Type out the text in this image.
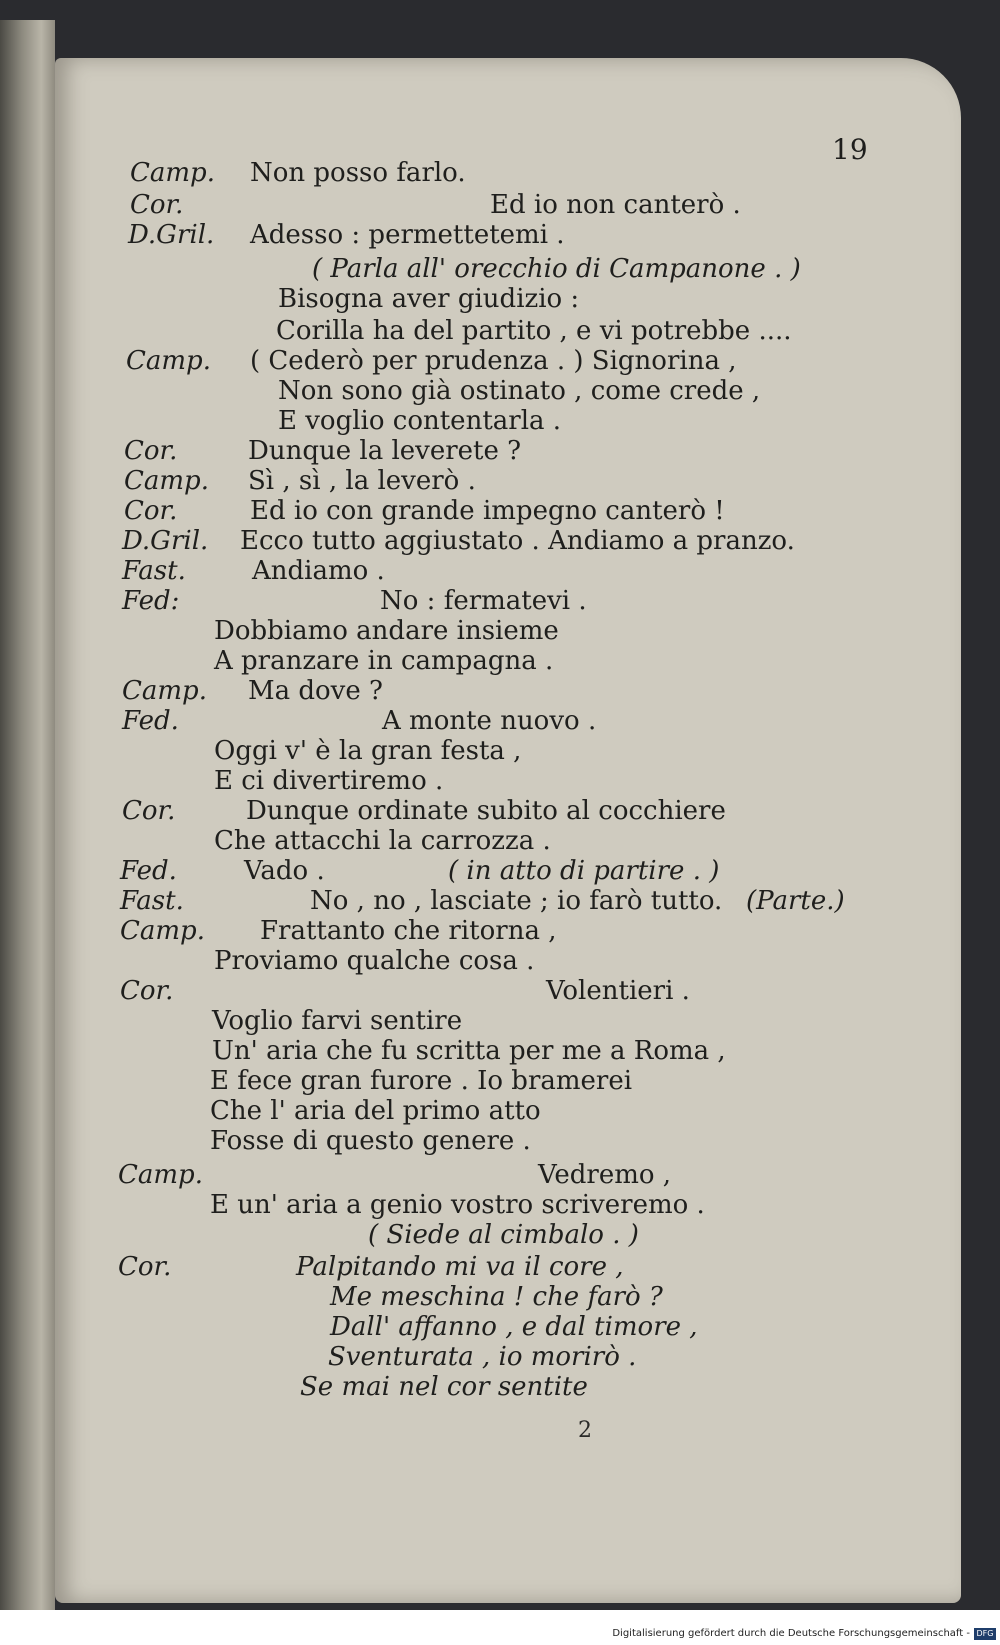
19
Camp.
Cor.
D.Gril.
Camp.
Cor.
Camp.
Cor.
D.Gril.
Fast.
Fed:
Camp.
Fed.
Cor.
Fed.
Fast.
Camp.
Cor.
Camp.
Cor.
Non posso farlo.
Ed io non canterò .
Adesso : permettetemi .
( Parla all' orecchio di Campanone . )
Bisogna aver giudizio :
Corilla ha del partito , e vi potrebbe ....
( Cederò per prudenza . ) Signorina ,
Non sono già ostinato , come crede ,
E voglio contentarla .
Dunque la leverete ?
Sì , sì , la leverò .
Ed io con grande impegno canterò !
Ecco tutto aggiustato . Andiamo a pranzo.
Andiamo .
No : fermatevi .
Dobbiamo andare insieme
A pranzare in campagna .
Ma dove ?
A monte nuovo .
Oggi v' è la gran festa ,
E ci divertiremo .
Dunque ordinate subito al cocchiere
Che attacchi la carrozza .
Vado .	( in atto di partire . )
No , no , lasciate ; io farò tutto. (Parte.)
Frattanto che ritorna ,
Proviamo qualche cosa .
Volentieri .
Voglio farvi sentire
Un' aria che fu scritta per me a Roma ,
E fece gran furore . Io bramerei
Che l' aria del primo atto
Fosse di questo genere .
Vedremo ,
E un' aria a genio vostro scriveremo .
( Siede al cimbalo . )
Palpitando mi va il core ,
Me meschina ! che farò ?
Dall' affanno , e dal timore ,
Sventurata , io morirò .
Se mai nel cor sentite
2
Digitalisierung gefördert durch die Deutsche Forschungsgemeinschaft - DFG
